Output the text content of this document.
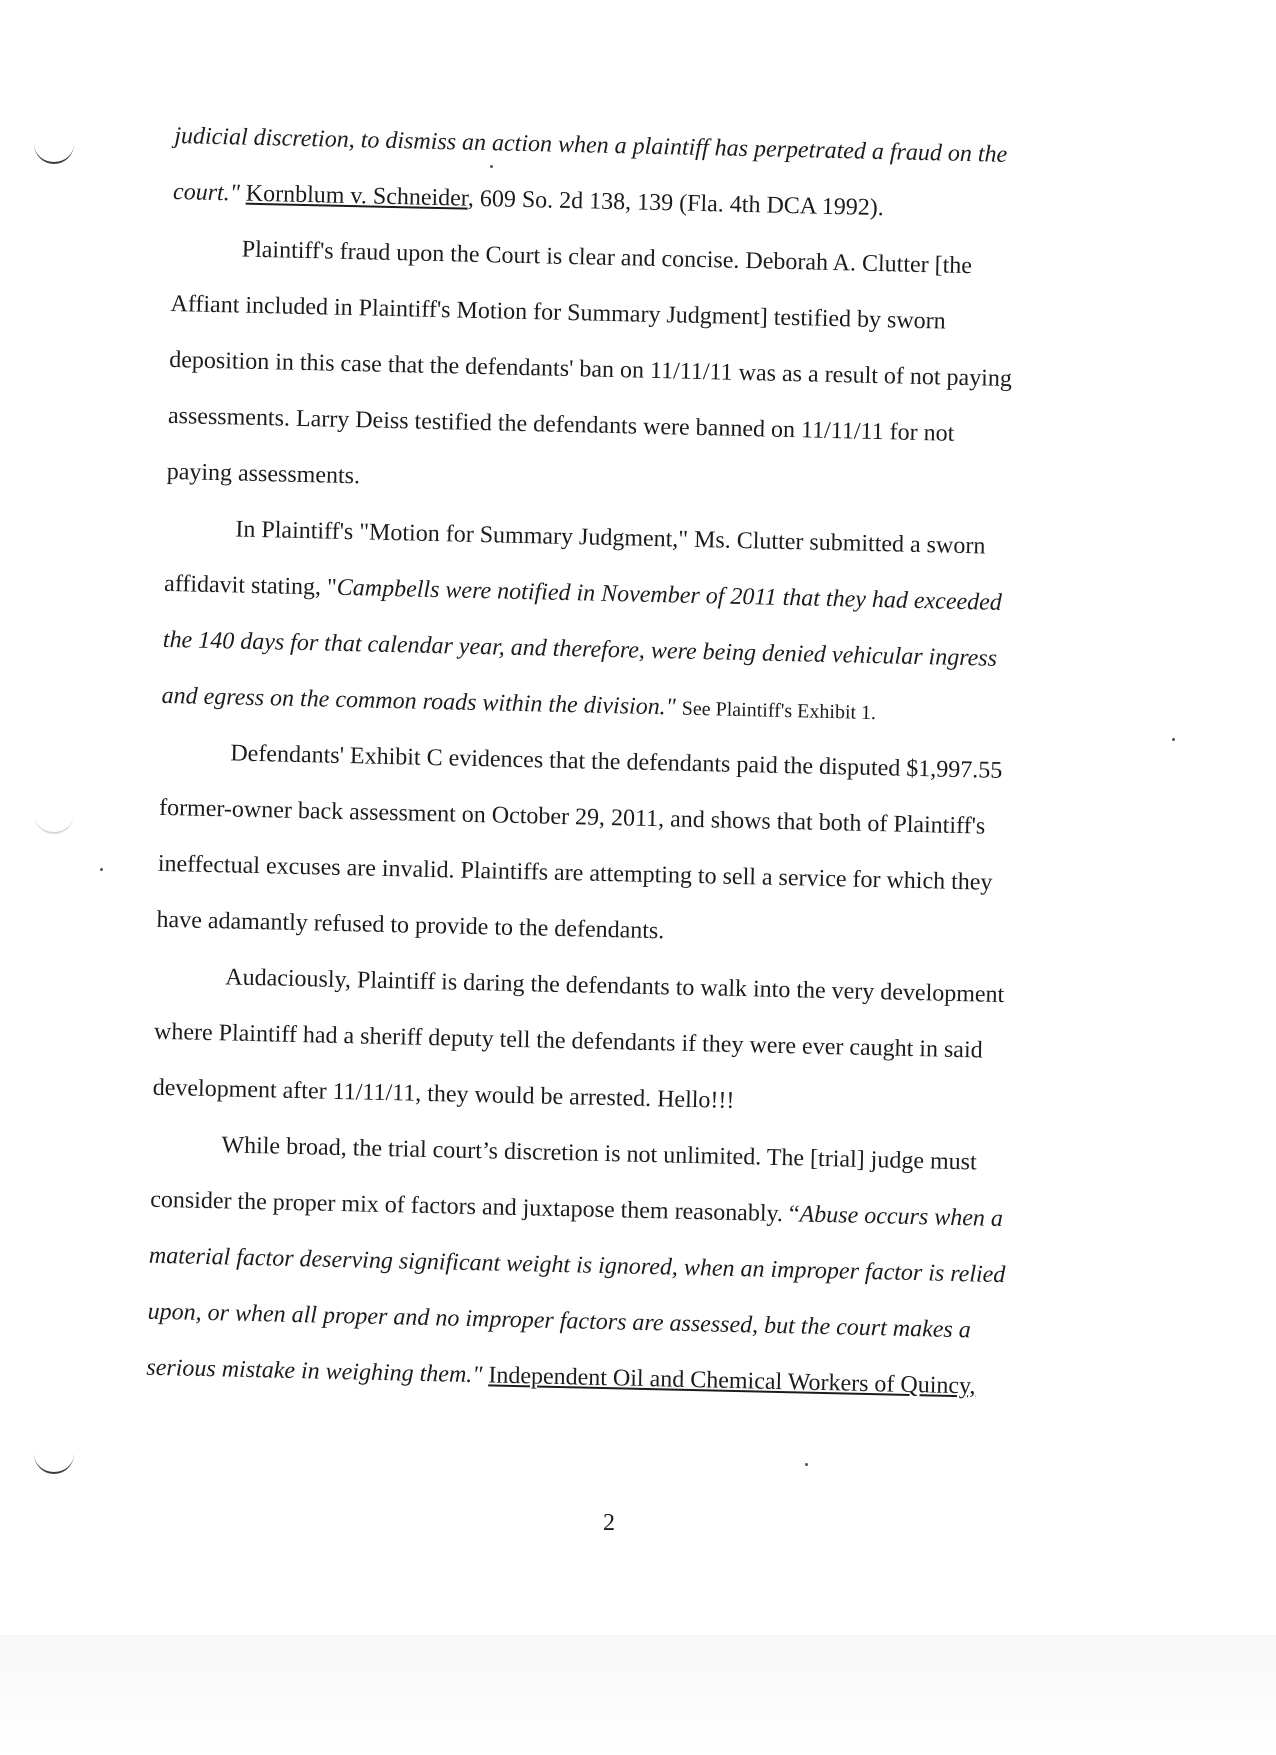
judicial discretion, to dismiss an action when a plaintiff has perpetrated a fraud on the

court." Kornblum v. Schneider, 609 So. 2d 138, 139 (Fla. 4th DCA 1992).

Plaintiff's fraud upon the Court is clear and concise. Deborah A. Clutter [the

Affiant included in Plaintiff's Motion for Summary Judgment] testified by sworn

deposition in this case that the defendants' ban on 11/11/11 was as a result of not paying

assessments. Larry Deiss testified the defendants were banned on 11/11/11 for not

paying assessments.

In Plaintiff's "Motion for Summary Judgment," Ms. Clutter submitted a sworn

affidavit stating, "Campbells were notified in November of 2011 that they had exceeded

the 140 days for that calendar year, and therefore, were being denied vehicular ingress

and egress on the common roads within the division." See Plaintiff's Exhibit 1.

Defendants' Exhibit C evidences that the defendants paid the disputed $1,997.55

former-owner back assessment on October 29, 2011, and shows that both of Plaintiff's

ineffectual excuses are invalid. Plaintiffs are attempting to sell a service for which they

have adamantly refused to provide to the defendants.

Audaciously, Plaintiff is daring the defendants to walk into the very development

where Plaintiff had a sheriff deputy tell the defendants if they were ever caught in said

development after 11/11/11, they would be arrested. Hello!!!

While broad, the trial court’s discretion is not unlimited. The [trial] judge must

consider the proper mix of factors and juxtapose them reasonably. “Abuse occurs when a

material factor deserving significant weight is ignored, when an improper factor is relied

upon, or when all proper and no improper factors are assessed, but the court makes a

serious mistake in weighing them." Independent Oil and Chemical Workers of Quincy,

2
